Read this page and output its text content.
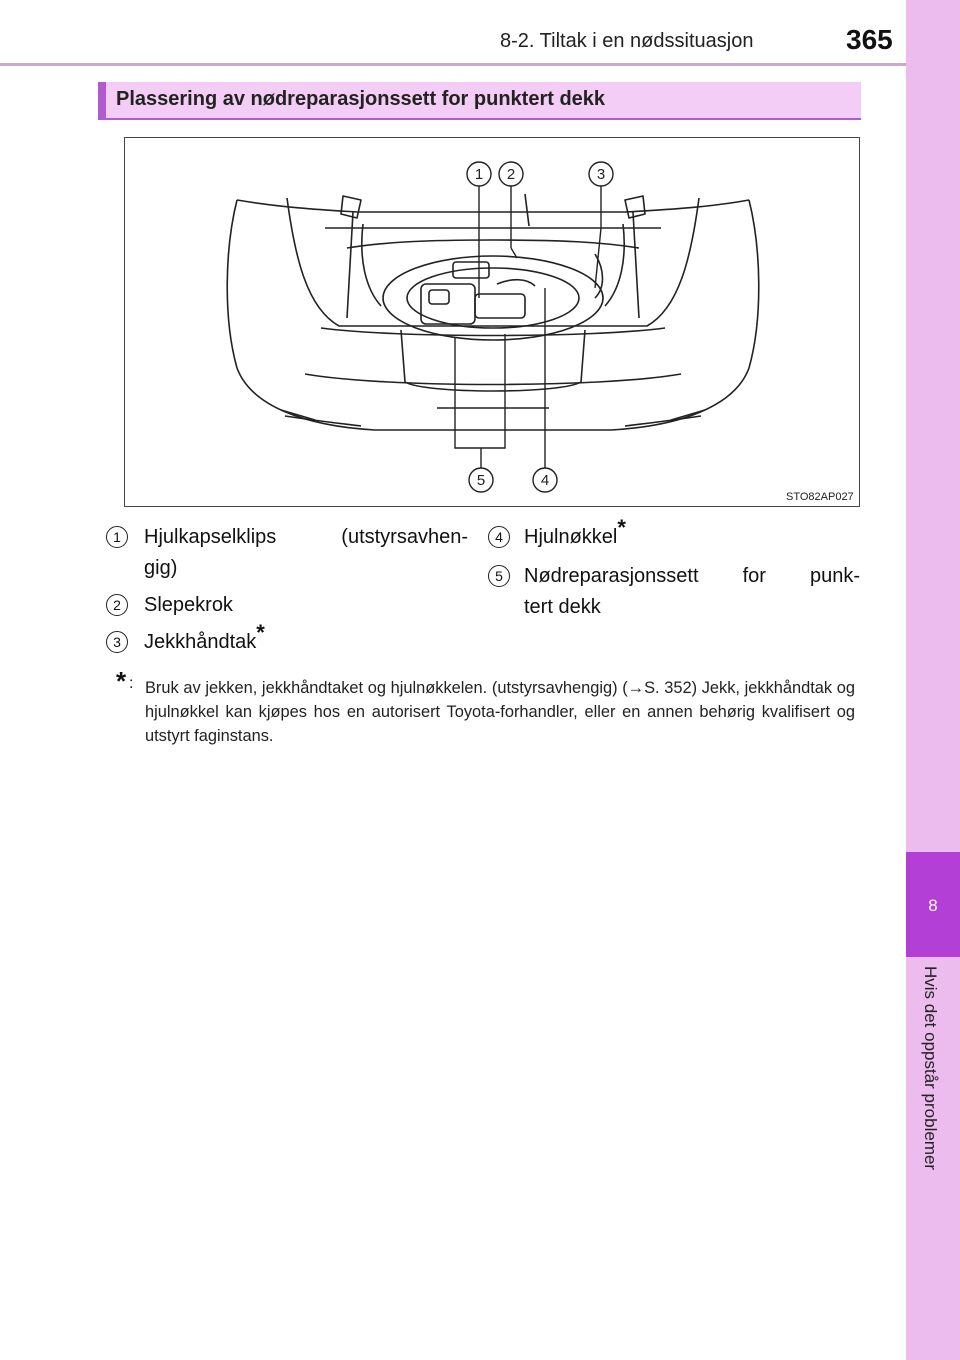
8-2. Tiltak i en nødssituasjon	365
8
Hvis det oppstår problemer
Plassering av nødreparasjonssett for punktert dekk
1 2	3
5	4
STO82AP027
1	Hjulkapselklips (utstyrsavhen-
gig)
2	Slepekrok
3	Jekkhåndtak*
4	Hjulnøkkel*
5	Nødreparasjonssett for punk-
tert dekk
* : Bruk av jekken, jekkhåndtaket og hjulnøkkelen. (utstyrsavhengig) (→S. 352) Jekk, jekkhåndtak og hjulnøkkel kan kjøpes hos en autorisert Toyota-forhandler, eller en annen behørig kvalifisert og utstyrt faginstans.
